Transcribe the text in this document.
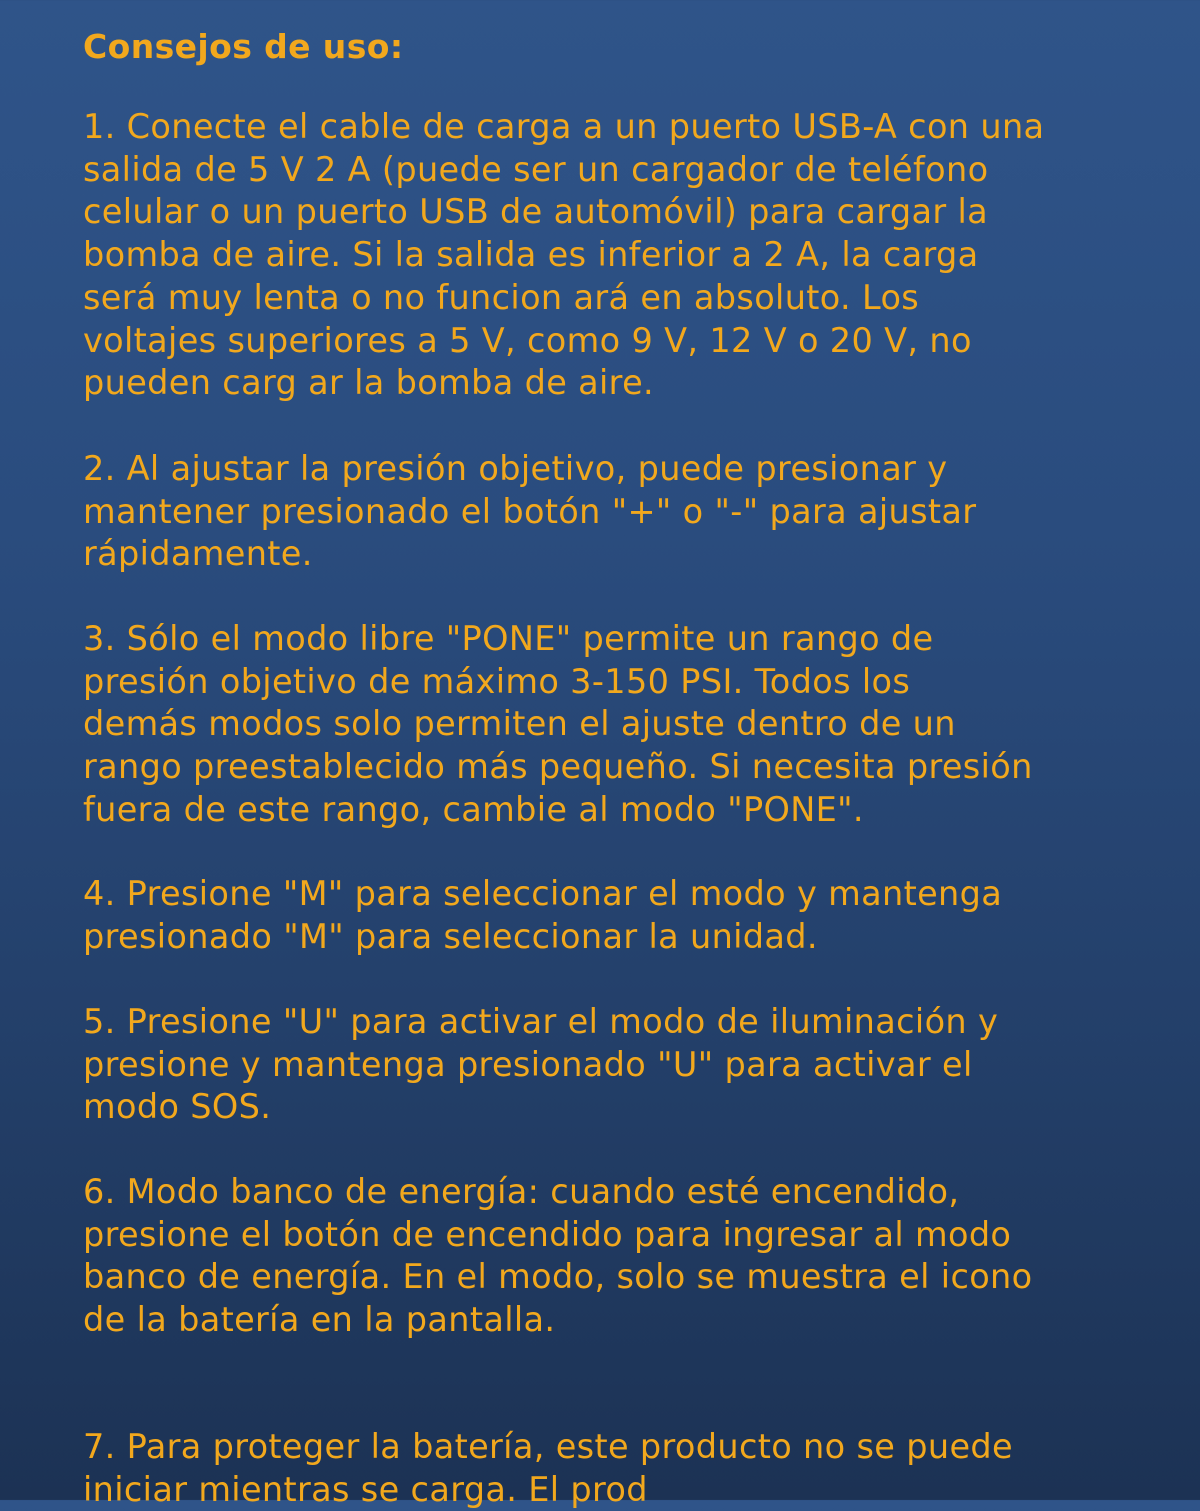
Consejos de uso:
1. Conecte el cable de carga a un puerto USB-A con una
salida de 5 V 2 A (puede ser un cargador de teléfono
celular o un puerto USB de automóvil) para cargar la
bomba de aire. Si la salida es inferior a 2 A, la carga
será muy lenta o no funcion ará en absoluto. Los
voltajes superiores a 5 V, como 9 V, 12 V o 20 V, no
pueden carg ar la bomba de aire.
2. Al ajustar la presión objetivo, puede presionar y
mantener presionado el botón "+" o "-" para ajustar
rápidamente.
3. Sólo el modo libre "PONE" permite un rango de
presión objetivo de máximo 3-150 PSI. Todos los
demás modos solo permiten el ajuste dentro de un
rango preestablecido más pequeño. Si necesita presión
fuera de este rango, cambie al modo "PONE".
4. Presione "M" para seleccionar el modo y mantenga
presionado "M" para seleccionar la unidad.
5. Presione "U" para activar el modo de iluminación y
presione y mantenga presionado "U" para activar el
modo SOS.
6. Modo banco de energía: cuando esté encendido,
presione el botón de encendido para ingresar al modo
banco de energía. En el modo, solo se muestra el icono
de la batería en la pantalla.
7. Para proteger la batería, este producto no se puede
iniciar mientras se carga. El prod
